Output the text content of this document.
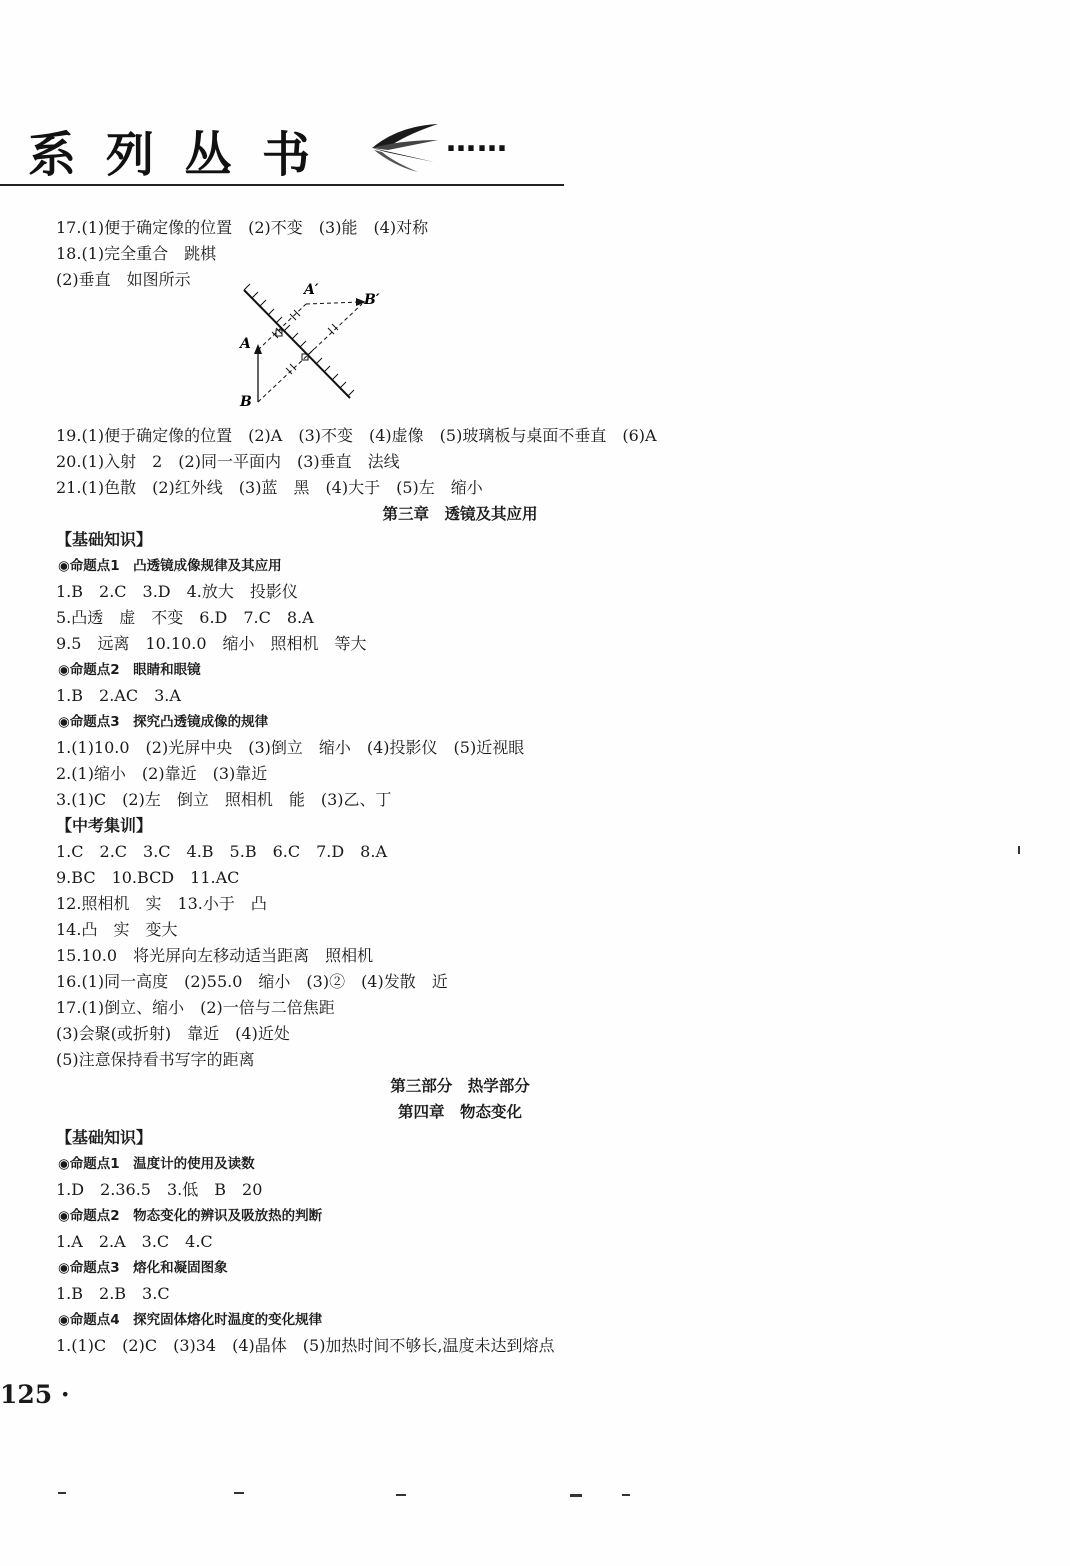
系列丛书	……
17.(1)便于确定像的位置　(2)不变　(3)能　(4)对称
18.(1)完全重合　跳棋
(2)垂直　如图所示
A′
B′
A
B
19.(1)便于确定像的位置　(2)A　(3)不变　(4)虚像　(5)玻璃板与桌面不垂直　(6)A
20.(1)入射　2　(2)同一平面内　(3)垂直　法线
21.(1)色散　(2)红外线　(3)蓝　黑　(4)大于　(5)左　缩小
第三章　透镜及其应用
【基础知识】
◉命题点1　凸透镜成像规律及其应用
1.B　2.C　3.D　4.放大　投影仪
5.凸透　虚　不变　6.D　7.C　8.A
9.5　远离　10.10.0　缩小　照相机　等大
◉命题点2　眼睛和眼镜
1.B　2.AC　3.A
◉命题点3　探究凸透镜成像的规律
1.(1)10.0　(2)光屏中央　(3)倒立　缩小　(4)投影仪　(5)近视眼
2.(1)缩小　(2)靠近　(3)靠近
3.(1)C　(2)左　倒立　照相机　能　(3)乙、丁
【中考集训】
1.C　2.C　3.C　4.B　5.B　6.C　7.D　8.A
9.BC　10.BCD　11.AC
12.照相机　实　13.小于　凸
14.凸　实　变大
15.10.0　将光屏向左移动适当距离　照相机
16.(1)同一高度　(2)55.0　缩小　(3)②　(4)发散　近
17.(1)倒立、缩小　(2)一倍与二倍焦距
(3)会聚(或折射)　靠近　(4)近处
(5)注意保持看书写字的距离
第三部分　热学部分
第四章　物态变化
【基础知识】
◉命题点1　温度计的使用及读数
1.D　2.36.5　3.低　B　20
◉命题点2　物态变化的辨识及吸放热的判断
1.A　2.A　3.C　4.C
◉命题点3　熔化和凝固图象
1.B　2.B　3.C
◉命题点4　探究固体熔化时温度的变化规律
1.(1)C　(2)C　(3)34　(4)晶体　(5)加热时间不够长,温度未达到熔点
125 ·
